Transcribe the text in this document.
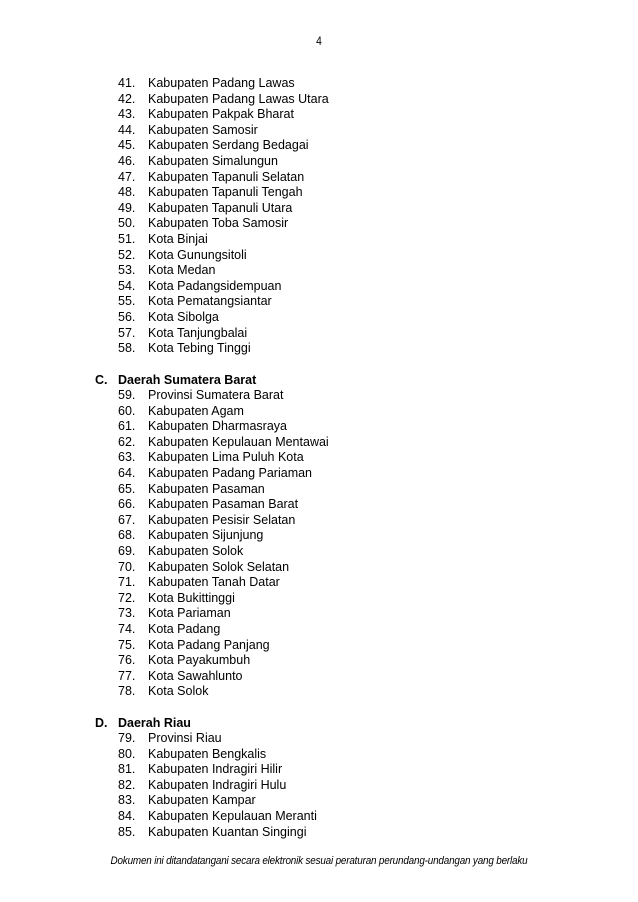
4
41. Kabupaten Padang Lawas
42. Kabupaten Padang Lawas Utara
43. Kabupaten Pakpak Bharat
44. Kabupaten Samosir
45. Kabupaten Serdang Bedagai
46. Kabupaten Simalungun
47. Kabupaten Tapanuli Selatan
48. Kabupaten Tapanuli Tengah
49. Kabupaten Tapanuli Utara
50. Kabupaten Toba Samosir
51. Kota Binjai
52. Kota Gunungsitoli
53. Kota Medan
54. Kota Padangsidempuan
55. Kota Pematangsiantar
56. Kota Sibolga
57. Kota Tanjungbalai
58. Kota Tebing Tinggi
C. Daerah Sumatera Barat
59. Provinsi Sumatera Barat
60. Kabupaten Agam
61. Kabupaten Dharmasraya
62. Kabupaten Kepulauan Mentawai
63. Kabupaten Lima Puluh Kota
64. Kabupaten Padang Pariaman
65. Kabupaten Pasaman
66. Kabupaten Pasaman Barat
67. Kabupaten Pesisir Selatan
68. Kabupaten Sijunjung
69. Kabupaten Solok
70. Kabupaten Solok Selatan
71. Kabupaten Tanah Datar
72. Kota Bukittinggi
73. Kota Pariaman
74. Kota Padang
75. Kota Padang Panjang
76. Kota Payakumbuh
77. Kota Sawahlunto
78. Kota Solok
D. Daerah Riau
79. Provinsi Riau
80. Kabupaten Bengkalis
81. Kabupaten Indragiri Hilir
82. Kabupaten Indragiri Hulu
83. Kabupaten Kampar
84. Kabupaten Kepulauan Meranti
85. Kabupaten Kuantan Singingi
Dokumen ini ditandatangani secara elektronik sesuai peraturan perundang-undangan yang berlaku
